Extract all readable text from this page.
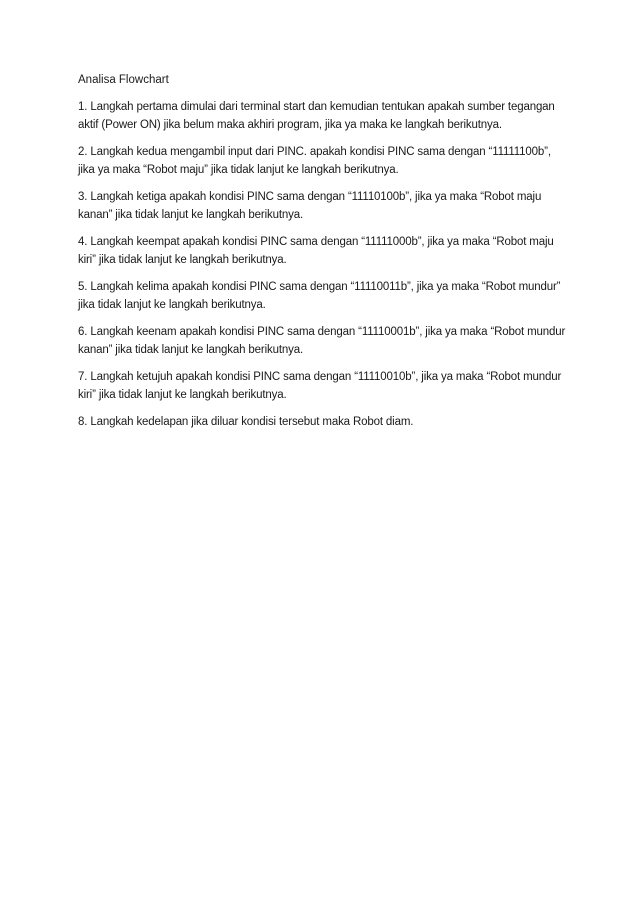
Analisa Flowchart

1. Langkah pertama dimulai dari terminal start dan kemudian tentukan apakah sumber tegangan aktif (Power ON) jika belum maka akhiri program, jika ya maka ke langkah berikutnya.

2. Langkah kedua mengambil input dari PINC. apakah kondisi PINC sama dengan “11111100b”, jika ya maka “Robot maju” jika tidak lanjut ke langkah berikutnya.

3. Langkah ketiga apakah kondisi PINC sama dengan “11110100b”, jika ya maka “Robot maju kanan” jika tidak lanjut ke langkah berikutnya.

4. Langkah keempat apakah kondisi PINC sama dengan “11111000b”, jika ya maka “Robot maju kiri” jika tidak lanjut ke langkah berikutnya.

5. Langkah kelima apakah kondisi PINC sama dengan “11110011b”, jika ya maka “Robot mundur” jika tidak lanjut ke langkah berikutnya.

6. Langkah keenam apakah kondisi PINC sama dengan “11110001b”, jika ya maka “Robot mundur kanan” jika tidak lanjut ke langkah berikutnya.

7. Langkah ketujuh apakah kondisi PINC sama dengan “11110010b”, jika ya maka “Robot mundur kiri” jika tidak lanjut ke langkah berikutnya.

8. Langkah kedelapan jika diluar kondisi tersebut maka Robot diam.
